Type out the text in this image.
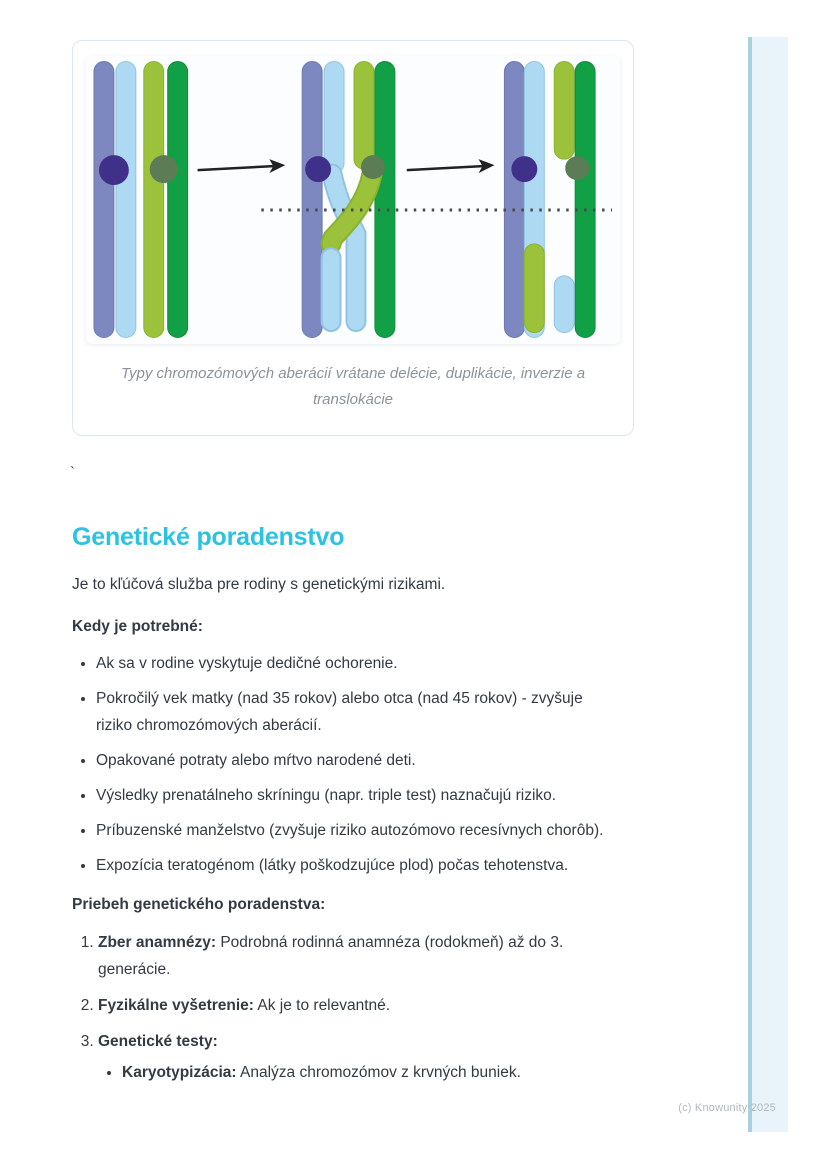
Typy chromozómových aberácií vrátane delécie, duplikácie, inverzie a translokácie
`
Genetické poradenstvo

Je to kľúčová služba pre rodiny s genetickými rizikami.

Kedy je potrebné:

• Ak sa v rodine vyskytuje dedičné ochorenie.
• Pokročilý vek matky (nad 35 rokov) alebo otca (nad 45 rokov) - zvyšuje riziko chromozómových aberácií.
• Opakované potraty alebo mŕtvo narodené deti.
• Výsledky prenatálneho skríningu (napr. triple test) naznačujú riziko.
• Príbuzenské manželstvo (zvyšuje riziko autozómovo recesívnych chorôb).
• Expozícia teratogénom (látky poškodzujúce plod) počas tehotenstva.

Priebeh genetického poradenstva:

1. Zber anamnézy: Podrobná rodinná anamnéza (rodokmeň) až do 3. generácie.
2. Fyzikálne vyšetrenie: Ak je to relevantné.
3. Genetické testy:
• Karyotypizácia: Analýza chromozómov z krvných buniek.
(c) Knowunity 2025
